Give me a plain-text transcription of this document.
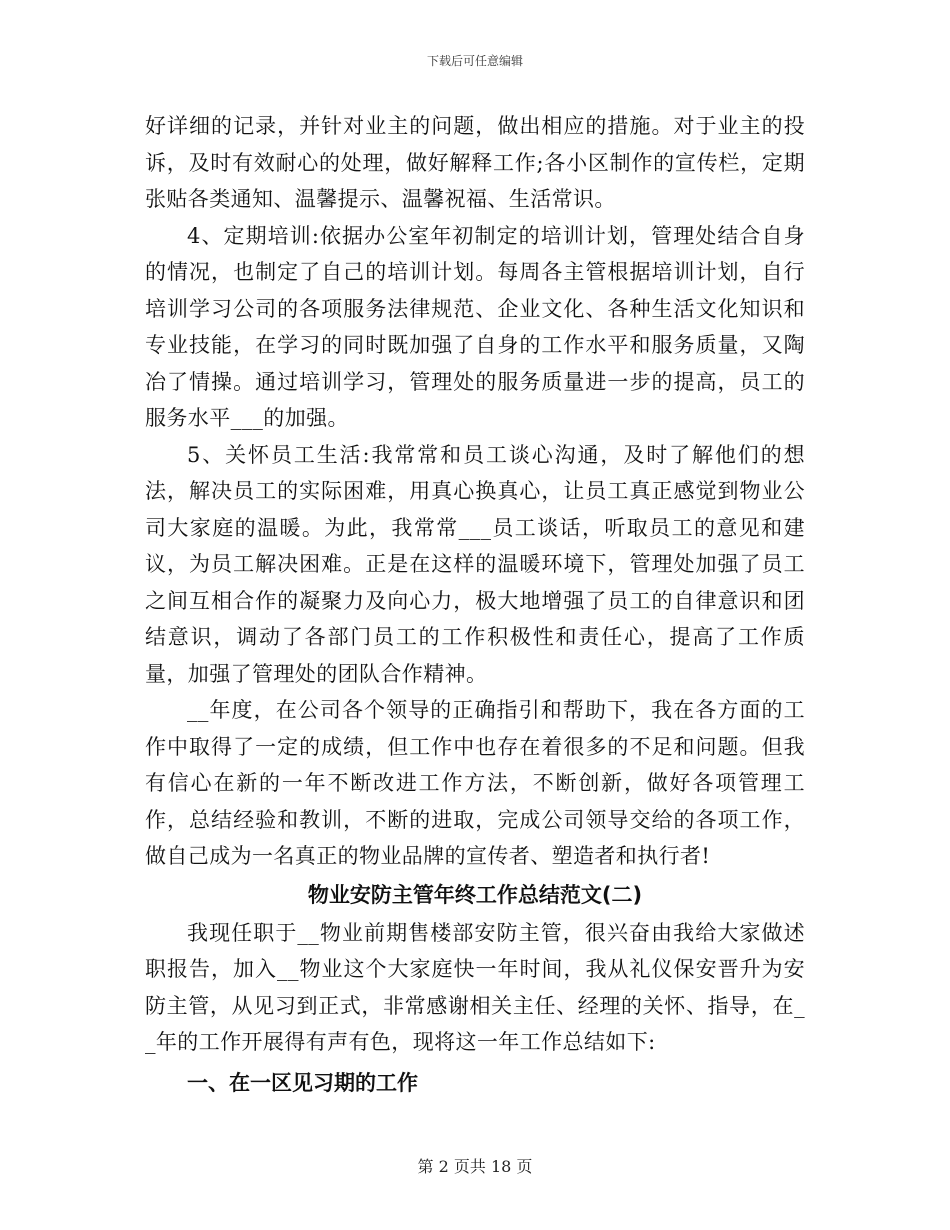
下载后可任意编辑

好详细的记录，并针对业主的问题，做出相应的措施。对于业主的投诉，及时有效耐心的处理，做好解释工作;各小区制作的宣传栏，定期张贴各类通知、温馨提示、温馨祝福、生活常识。

4、定期培训:依据办公室年初制定的培训计划，管理处结合自身的情况，也制定了自己的培训计划。每周各主管根据培训计划，自行培训学习公司的各项服务法律规范、企业文化、各种生活文化知识和专业技能，在学习的同时既加强了自身的工作水平和服务质量，又陶冶了情操。通过培训学习，管理处的服务质量进一步的提高，员工的服务水平___的加强。

5、关怀员工生活:我常常和员工谈心沟通，及时了解他们的想法，解决员工的实际困难，用真心换真心，让员工真正感觉到物业公司大家庭的温暖。为此，我常常___员工谈话，听取员工的意见和建议，为员工解决困难。正是在这样的温暖环境下，管理处加强了员工之间互相合作的凝聚力及向心力，极大地增强了员工的自律意识和团结意识，调动了各部门员工的工作积极性和责任心，提高了工作质量，加强了管理处的团队合作精神。

__年度，在公司各个领导的正确指引和帮助下，我在各方面的工作中取得了一定的成绩，但工作中也存在着很多的不足和问题。但我有信心在新的一年不断改进工作方法，不断创新，做好各项管理工作，总结经验和教训，不断的进取，完成公司领导交给的各项工作，做自己成为一名真正的物业品牌的宣传者、塑造者和执行者!

物业安防主管年终工作总结范文(二)

我现任职于__物业前期售楼部安防主管，很兴奋由我给大家做述职报告，加入__物业这个大家庭快一年时间，我从礼仪保安晋升为安防主管，从见习到正式，非常感谢相关主任、经理的关怀、指导，在__年的工作开展得有声有色，现将这一年工作总结如下:

一、在一区见习期的工作
第 2 页共 18 页
